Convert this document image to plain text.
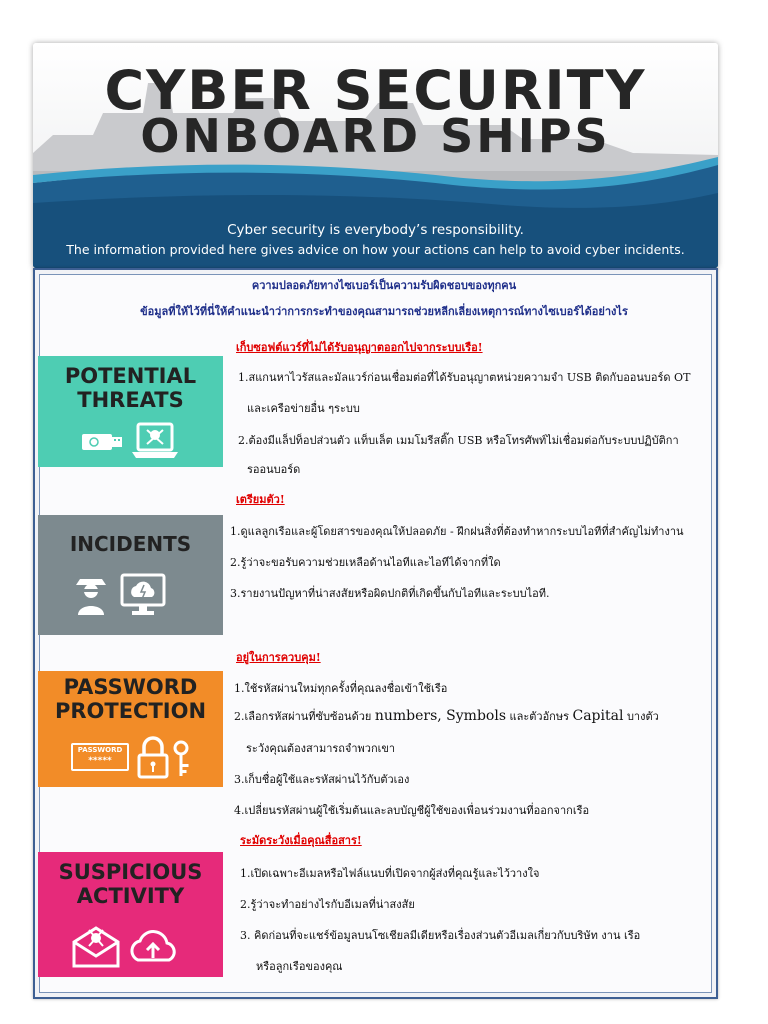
CYBER SECURITY
ONBOARD SHIPS
Cyber security is everybody’s responsibility.
The information provided here gives advice on how your actions can help to avoid cyber incidents.
ความปลอดภัยทางไซเบอร์เป็นความรับผิดชอบของทุกคน
ข้อมูลที่ให้ไว้ที่นี่ให้คำแนะนำว่าการกระทำของคุณสามารถช่วยหลีกเลี่ยงเหตุการณ์ทางไซเบอร์ได้อย่างไร
POTENTIAL
THREATS
เก็บซอฟต์แวร์ที่ไม่ได้รับอนุญาตออกไปจากระบบเรือ!
1.สแกนหาไวรัสและมัลแวร์ก่อนเชื่อมต่อที่ได้รับอนุญาตหน่วยความจำ USB ติดกับออนบอร์ด OT
และเครือข่ายอื่น ๆระบบ
2.ต้องมีแล็ปท็อปส่วนตัว แท็บเล็ต เมมโมรีสติ๊ก USB หรือโทรศัพท์ไม่เชื่อมต่อกับระบบปฏิบัติกา
รออนบอร์ด
INCIDENTS
เตรียมตัว!
1.ดูแลลูกเรือและผู้โดยสารของคุณให้ปลอดภัย - ฝึกฝนสิ่งที่ต้องทำหากระบบไอทีที่สำคัญไม่ทำงาน
2.รู้ว่าจะขอรับความช่วยเหลือด้านไอทีและไอทีได้จากที่ใด
3.รายงานปัญหาที่น่าสงสัยหรือผิดปกติที่เกิดขึ้นกับไอทีและระบบไอที.
PASSWORD
PROTECTION
PASSWORD
*****
อยู่ในการควบคุม!
1.ใช้รหัสผ่านใหม่ทุกครั้งที่คุณลงชื่อเข้าใช้เรือ
2.เลือกรหัสผ่านที่ซับซ้อนด้วย numbers, Symbols และตัวอักษร Capital บางตัว
ระวังคุณต้องสามารถจำพวกเขา
3.เก็บชื่อผู้ใช้และรหัสผ่านไว้กับตัวเอง
4.เปลี่ยนรหัสผ่านผู้ใช้เริ่มต้นและลบบัญชีผู้ใช้ของเพื่อนร่วมงานที่ออกจากเรือ
SUSPICIOUS
ACTIVITY
ระมัดระวังเมื่อคุณสื่อสาร!
1.เปิดเฉพาะอีเมลหรือไฟล์แนบที่เปิดจากผู้ส่งที่คุณรู้และไว้วางใจ
2.รู้ว่าจะทำอย่างไรกับอีเมลที่น่าสงสัย
3. คิดก่อนที่จะแชร์ข้อมูลบนโซเชียลมีเดียหรือเรื่องส่วนตัวอีเมลเกี่ยวกับบริษัท งาน เรือ
หรือลูกเรือของคุณ
